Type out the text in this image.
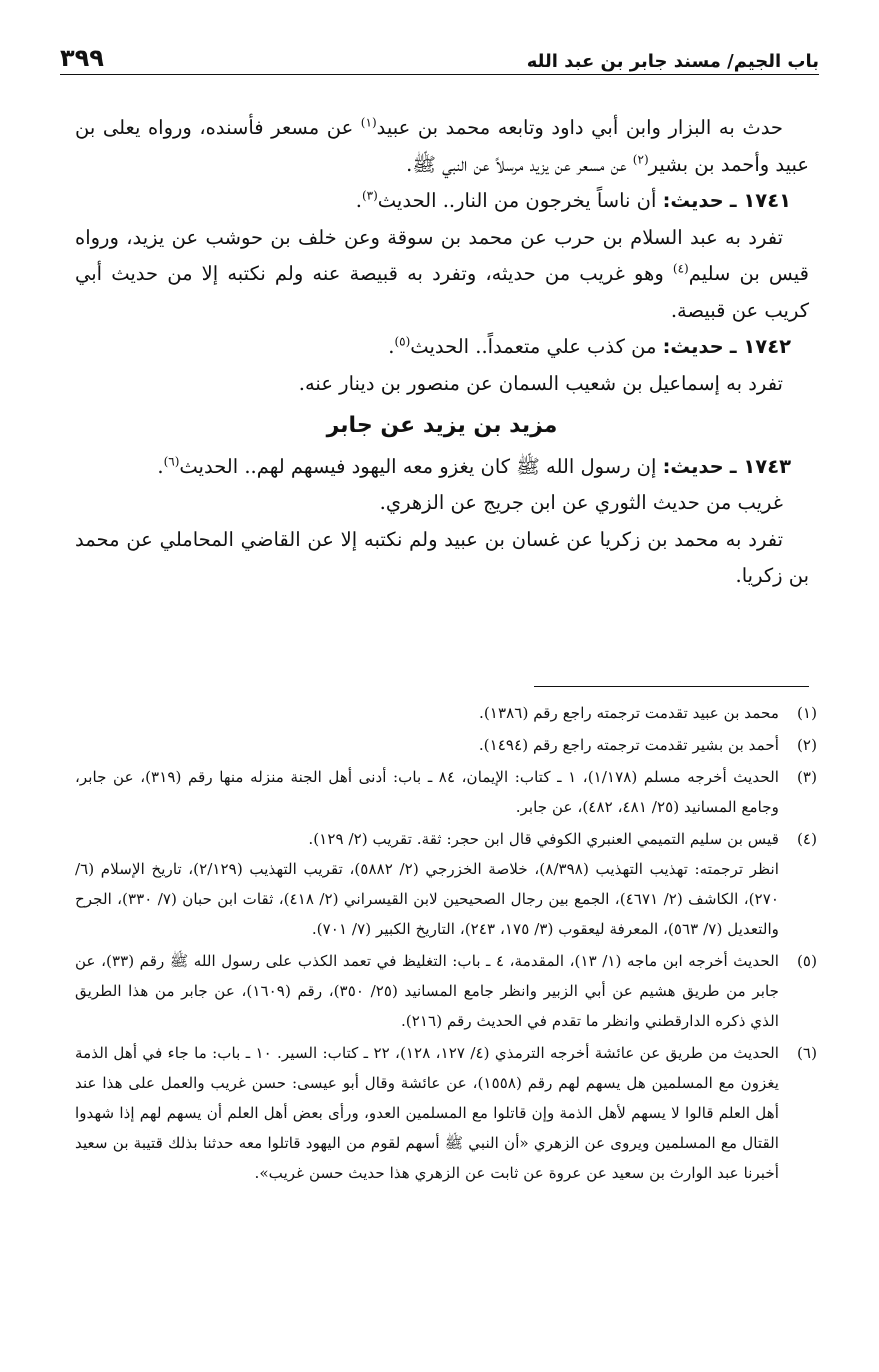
باب الجيم/ مسند جابر بن عبد الله
٣٩٩

حدث به البزار وابن أبي داود وتابعه محمد بن عبيد$^{(١)}$ عن مسعر فأسنده، ورواه يعلى بن عبيد وأحمد بن بشير$^{(٢)}$ عن مسعر عن يزيد مرسلاً عن النبي ﷺ.

١٧٤١ ـ حديث: أن ناساً يخرجون من النار.. الحديث$^{(٣)}$.

تفرد به عبد السلام بن حرب عن محمد بن سوقة وعن خلف بن حوشب عن يزيد، ورواه قيس بن سليم$^{(٤)}$ وهو غريب من حديثه، وتفرد به قبيصة عنه ولم نكتبه إلا من حديث أبي كريب عن قبيصة.

١٧٤٢ ـ حديث: من كذب علي متعمداً.. الحديث$^{(٥)}$.

تفرد به إسماعيل بن شعيب السمان عن منصور بن دينار عنه.

مزيد بن يزيد عن جابر

١٧٤٣ ـ حديث: إن رسول الله ﷺ كان يغزو معه اليهود فيسهم لهم.. الحديث$^{(٦)}$.

غريب من حديث الثوري عن ابن جريج عن الزهري.

تفرد به محمد بن زكريا عن غسان بن عبيد ولم نكتبه إلا عن القاضي المحاملي عن محمد بن زكريا.

(١)
محمد بن عبيد تقدمت ترجمته راجع رقم (١٣٨٦).
(٢)
أحمد بن بشير تقدمت ترجمته راجع رقم (١٤٩٤).
(٣)
الحديث أخرجه مسلم (١/١٧٨)، ١ ـ كتاب: الإيمان، ٨٤ ـ باب: أدنى أهل الجنة منزله منها رقم (٣١٩)، عن جابر، وجامع المسانيد (٢٥/ ٤٨١، ٤٨٢)، عن جابر.
(٤)

قيس بن سليم التميمي العنبري الكوفي قال ابن حجر: ثقة. تقريب (٢/ ١٢٩).

انظر ترجمته: تهذيب التهذيب (٨/٣٩٨)، خلاصة الخزرجي (٢/ ٥٨٨٢)، تقريب التهذيب (٢/١٢٩)، تاريخ الإسلام (٦/ ٢٧٠)، الكاشف (٢/ ٤٦٧١)، الجمع بين رجال الصحيحين لابن القيسراني (٢/ ٤١٨)، ثقات ابن حبان (٧/ ٣٣٠)، الجرح والتعديل (٧/ ٥٦٣)، المعرفة ليعقوب (٣/ ١٧٥، ٢٤٣)، التاريخ الكبير (٧/ ٧٠١).

(٥)
الحديث أخرجه ابن ماجه (١/ ١٣)، المقدمة، ٤ ـ باب: التغليظ في تعمد الكذب على رسول الله ﷺ رقم (٣٣)، عن جابر من طريق هشيم عن أبي الزبير وانظر جامع المسانيد (٢٥/ ٣٥٠)، رقم (١٦٠٩)، عن جابر من هذا الطريق الذي ذكره الدارقطني وانظر ما تقدم في الحديث رقم (٢١٦).
(٦)
الحديث من طريق عن عائشة أخرجه الترمذي (٤/ ١٢٧، ١٢٨)، ٢٢ ـ كتاب: السير. ١٠ ـ باب: ما جاء في أهل الذمة يغزون مع المسلمين هل يسهم لهم رقم (١٥٥٨)، عن عائشة وقال أبو عيسى: حسن غريب والعمل على هذا عند أهل العلم قالوا لا يسهم لأهل الذمة وإن قاتلوا مع المسلمين العدو، ورأى بعض أهل العلم أن يسهم لهم إذا شهدوا القتال مع المسلمين ويروى عن الزهري «أن النبي ﷺ أسهم لقوم من اليهود قاتلوا معه حدثنا بذلك قتيبة بن سعيد أخبرنا عبد الوارث بن سعيد عن عروة عن ثابت عن الزهري هذا حديث حسن غريب».
